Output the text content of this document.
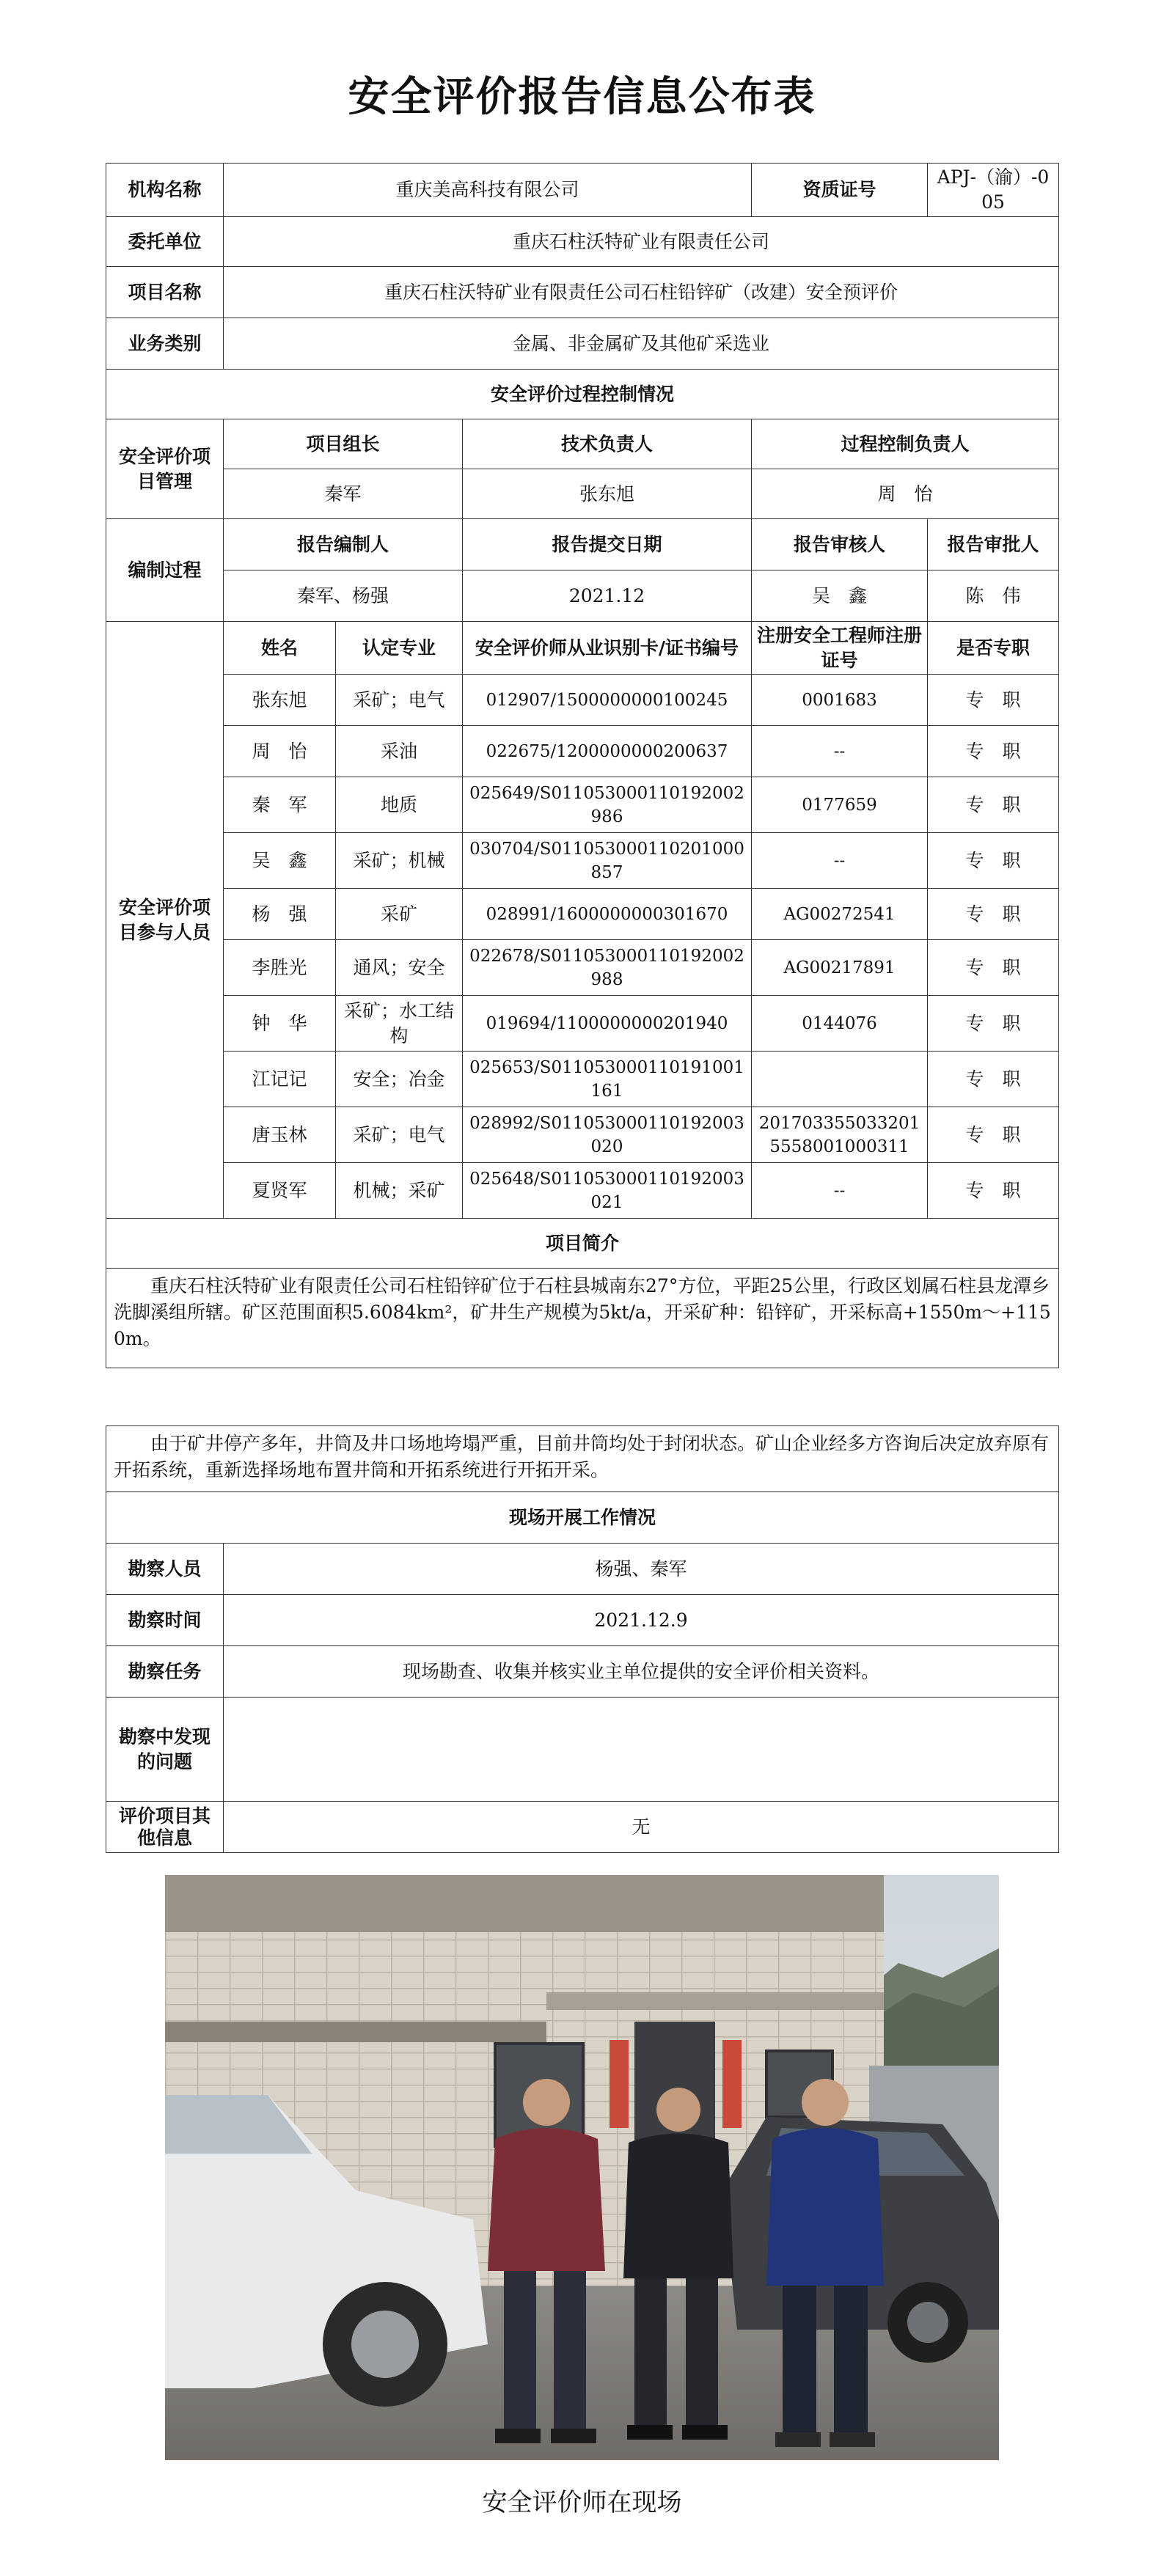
安全评价报告信息公布表
机构名称	重庆美高科技有限公司			资质证号	APJ-（渝）-005
委托单位	重庆石柱沃特矿业有限责任公司				
项目名称	重庆石柱沃特矿业有限责任公司石柱铅锌矿（改建）安全预评价				
业务类别	金属、非金属矿及其他矿采选业				
安全评价过程控制情况					
安全评价项目管理	项目组长		技术负责人	过程控制负责人	
	秦军		张东旭	周　怡	
编制过程	报告编制人		报告提交日期	报告审核人	报告审批人
	秦军、杨强		2021.12	吴　鑫	陈　伟
安全评价项目参与人员	姓名	认定专业	安全评价师从业识别卡/证书编号	注册安全工程师注册证号	是否专职
	张东旭	采矿；电气	012907/1500000000100245	0001683	专　职
	周　怡	采油	022675/1200000000200637	--	专　职
	秦　军	地质	025649/S011053000110192002986	0177659	专　职
	吴　鑫	采矿；机械	030704/S011053000110201000857	--	专　职
	杨　强	采矿	028991/1600000000301670	AG00272541	专　职
	李胜光	通风；安全	022678/S011053000110192002988	AG00217891	专　职
	钟　华	采矿；水工结构	019694/1100000000201940	0144076	专　职
	江记记	安全；冶金	025653/S011053000110191001161		专　职
	唐玉林	采矿；电气	028992/S011053000110192003020	2017033550332015558001000311	专　职
	夏贤军	机械；采矿	025648/S011053000110192003021	--	专　职
项目简介					
重庆石柱沃特矿业有限责任公司石柱铅锌矿位于石柱县城南东27°方位，平距25公里，行政区划属石柱县龙潭乡洗脚溪组所辖。矿区范围面积5.6084km²，矿井生产规模为5kt/a，开采矿种：铅锌矿，开采标高+1550m～+1150m。					
由于矿井停产多年，井筒及井口场地垮塌严重，目前井筒均处于封闭状态。矿山企业经多方咨询后决定放弃原有开拓系统，重新选择场地布置井筒和开拓系统进行开拓开采。	
现场开展工作情况	
勘察人员	杨强、秦军
勘察时间	2021.12.9
勘察任务	现场勘查、收集并核实业主单位提供的安全评价相关资料。
勘察中发现的问题	
评价项目其他信息	无
安全评价师在现场
